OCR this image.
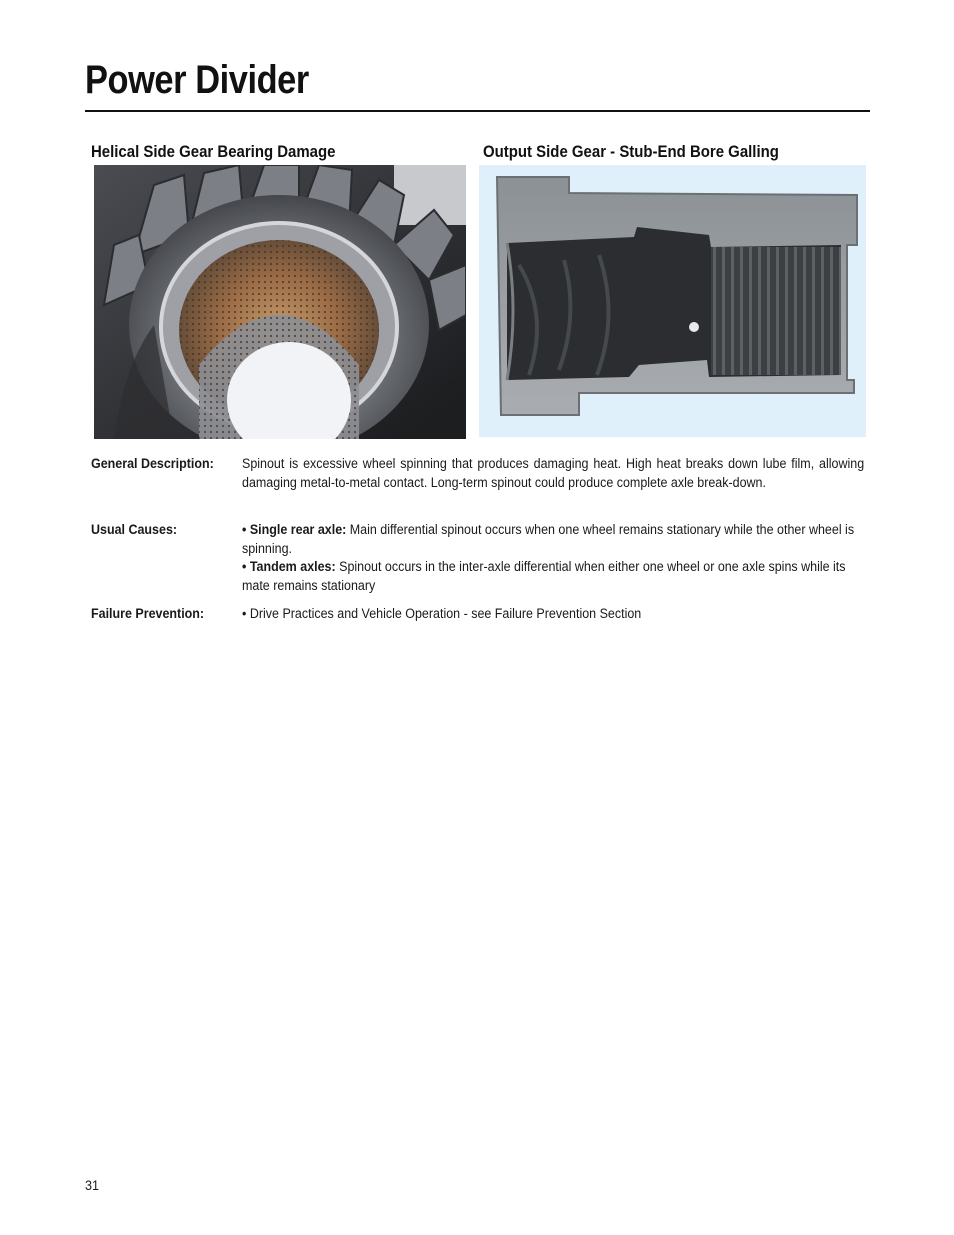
Power Divider
Helical Side Gear Bearing Damage	Output Side Gear - Stub-End Bore Galling
General Description: Spinout is excessive wheel spinning that produces damaging heat. High heat breaks down lube film, allowing damaging metal-to-metal contact. Long-term spinout could produce complete axle break-down.
Usual Causes:	• Single rear axle: Main differential spinout occurs when one wheel remains stationary while the other wheel is spinning.
• Tandem axles: Spinout occurs in the inter-axle differential when either one wheel or one axle spins while its mate remains stationary
Failure Prevention:	• Drive Practices and Vehicle Operation - see Failure Prevention Section
31
